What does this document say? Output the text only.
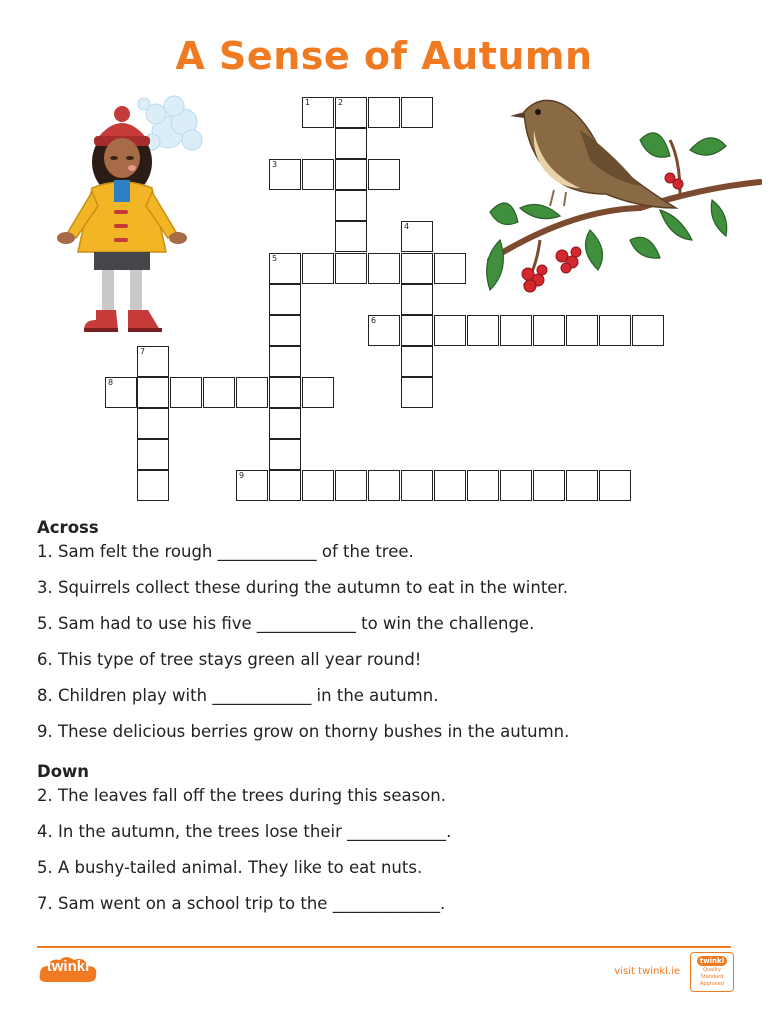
A Sense of Autumn
1	2
3
4
5
6
7
8
9
Across
1. Sam felt the rough ____________ of the tree.
3. Squirrels collect these during the autumn to eat in the winter.
5. Sam had to use his five ____________ to win the challenge.
6. This type of tree stays green all year round!
8. Children play with ____________ in the autumn.
9. These delicious berries grow on thorny bushes in the autumn.
Down
2. The leaves fall off the trees during this season.
4. In the autumn, the trees lose their ____________.
5. A bushy-tailed animal. They like to eat nuts.
7. Sam went on a school trip to the _____________.
twinkl	visit twinkl.ie
twinkl
Quality Standard Approved
